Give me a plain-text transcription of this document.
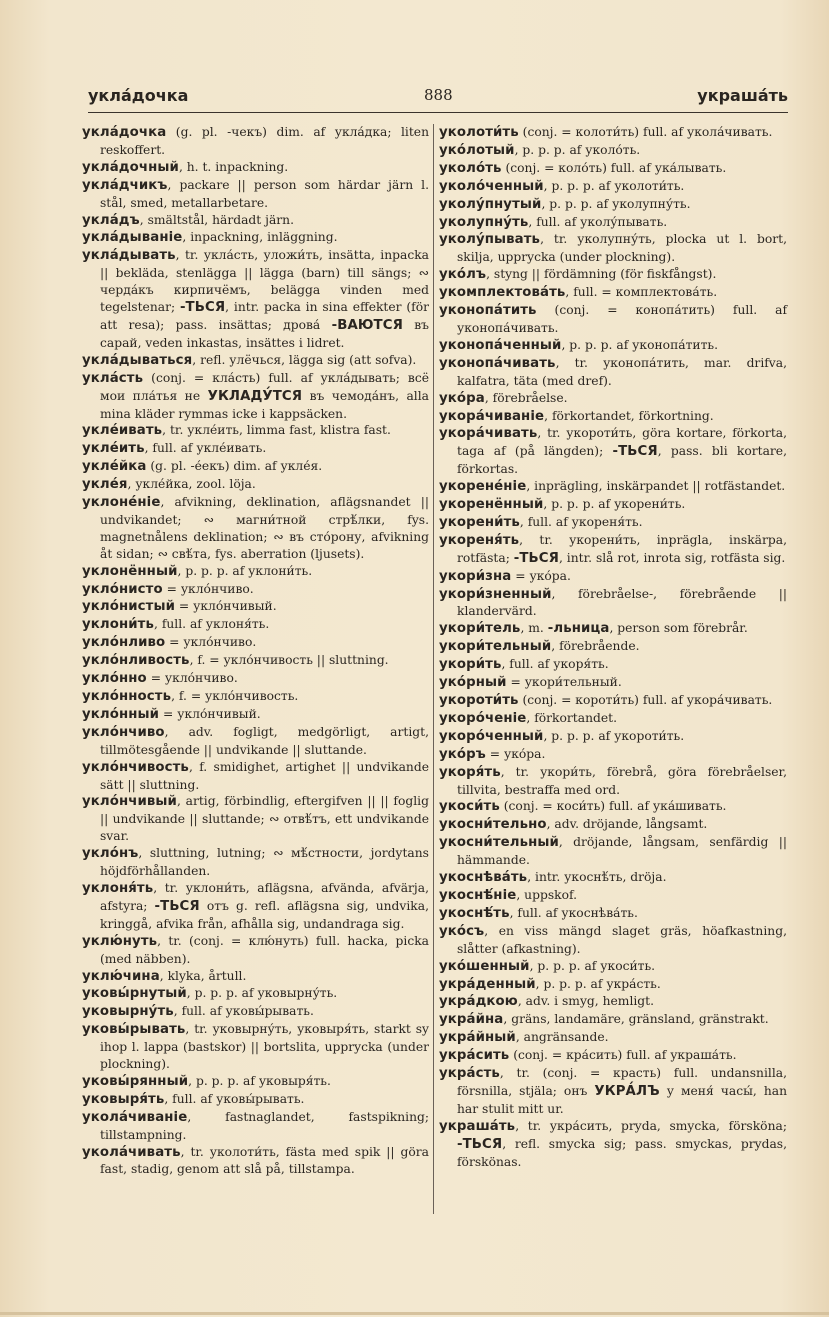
укла́дочка	888	украша́ть

укла́дочка (g. pl. -чекъ) dim. af укла́дка; liten reskoffert.

укла́дочный, h. t. inpackning.

укла́дчикъ, packare || person som härdar järn l. stål, smed, metallarbetare.

укла́дъ, smältstål, härdadt järn.

укла́дыванiе, inpackning, inläggning.

укла́дывать, tr. укла́сть, уложи́ть, insätta, inpacka || bekläda, stenlägga || lägga (barn) till sängs; ∾ черда́къ кирпичёмъ, belägga vinden med tegelstenar; -ТЬСЯ, intr. packa in sina effekter (för att resa); pass. insättas; дрова́ -ВАЮТСЯ въ сарай, veden inkastas, insättes i lidret.

укла́дываться, refl. улёчься, lägga sig (att sofva).

укла́сть (conj. = кла́сть) full. af укла́дывать; всё мои пла́тья не УКЛАДУ́ТСЯ въ чемода́нъ, alla mina kläder rymmas icke i kappsäcken.

укле́ивать, tr. укле́ить, limma fast, klistra fast.

укле́ить, full. af укле́ивать.

укле́йка (g. pl. -е́екъ) dim. af укле́я.

укле́я, укле́йка, zool. löja.

уклоне́нiе, afvikning, deklination, aflägsnandet || undvikandet; ∾ магни́тной стрѣ́лки, fys. magnetnålens deklination; ∾ въ сто́рону, afvikning åt sidan; ∾ свѣ́та, fys. aberration (ljusets).

уклонённый, p. p. p. af уклони́ть.

укло́нисто = укло́нчиво.

укло́нистый = укло́нчивый.

уклони́ть, full. af уклоня́ть.

укло́нливо = укло́нчиво.

укло́нливость, f. = укло́нчивость || sluttning.

укло́нно = укло́нчиво.

укло́нность, f. = укло́нчивость.

укло́нный = укло́нчивый.

укло́нчиво, adv. fogligt, medgörligt, artigt, tillmötesgående || undvikande || sluttande.

укло́нчивость, f. smidighet, artighet || undvikande sätt || sluttning.

укло́нчивый, artig, förbindlig, eftergifven || || foglig || undvikande || sluttande; ∾ отвѣ́тъ, ett undvikande svar.

укло́нъ, sluttning, lutning; ∾ мѣ́стности, jordytans höjdförhållanden.

уклоня́ть, tr. уклони́ть, aflägsna, afvända, afvärja, afstyra; -ТЬСЯ отъ g. refl. aflägsna sig, undvika, kringgå, afvika från, afhålla sig, undandraga sig.

уклю́нуть, tr. (conj. = клю́нуть) full. hacka, picka (med näbben).

уклю́чина, klyka, årtull.

уковы́рнутый, p. p. p. af уковырну́ть.

уковырну́ть, full. af уковы́рывать.

уковы́рывать, tr. уковырну́ть, уковыря́ть, starkt sy ihop l. lappa (bastskor) || bortslita, uppryсka (under plockning).

уковы́рянный, p. p. p. af уковыря́ть.

уковыря́ть, full. af уковы́рывать.

укола́чиванiе, fastnaglandet, fastspikning; tillstampning.

укола́чивать, tr. уколоти́ть, fästa med spik || göra fast, stadig, genom att slå på, tillstampa.

уколоти́ть (conj. = колоти́ть) full. af укола́чивать.

уко́лотый, p. p. p. af уколо́ть.

уколо́ть (conj. = коло́ть) full. af ука́лывать.

уколо́ченный, p. p. p. af уколоти́ть.

уколу́пнутый, p. p. p. af уколупну́ть.

уколупну́ть, full. af уколу́пывать.

уколу́пывать, tr. уколупну́ть, plocka ut l. bort, skilja, uppryсka (under plockning).

уко́лъ, styng || fördämning (för fiskfångst).

укомплектова́ть, full. = комплектова́ть.

уконопа́тить (conj. = конопа́тить) full. af уконопа́чивать.

уконопа́ченный, p. p. p. af уконопа́тить.

уконопа́чивать, tr. уконопа́тить, mar. drifva, kalfatra, täta (med dref).

уко́ра, förebråelse.

укора́чиванiе, förkortandet, förkortning.

укора́чивать, tr. укороти́ть, göra kortare, förkorta, taga af (på längden); -ТЬСЯ, pass. bli kortare, förkortas.

укорене́нiе, inprägling, inskärpandet || rotfästandet.

укоренённый, p. p. p. af укорени́ть.

укорени́ть, full. af укореня́ть.

укореня́ть, tr. укорени́ть, inprägla, inskärpa, rotfästa; -ТЬСЯ, intr. slå rot, inrota sig, rotfästa sig.

укори́зна = уко́ра.

укори́зненный, förebråelse-, förebrående || klandervärd.

укори́тель, m. -льница, person som förebrår.

укори́тельный, förebrående.

укори́ть, full. af укоря́ть.

уко́рный = укори́тельный.

укороти́ть (conj. = короти́ть) full. af укора́чивать.

укоро́ченiе, förkortandet.

укоро́ченный, p. p. p. af укороти́ть.

уко́ръ = уко́ра.

укоря́ть, tr. укори́ть, förebrå, göra förebråelser, tillvita, bestraffa med ord.

укоси́ть (conj. = коси́ть) full. af ука́шивать.

укосни́тельно, adv. dröjande, långsamt.

укосни́тельный, dröjande, långsam, senfärdig || hämmande.

укоснѣва́ть, intr. укоснѣ́ть, dröja.

укоснѣ́нiе, uppskof.

укоснѣ́ть, full. af укоснѣва́ть.

уко́съ, en viss mängd slaget gräs, höafkastning, slåtter (afkastning).

уко́шенный, p. p. p. af укоси́ть.

укра́денный, p. p. p. af укра́сть.

укра́дкою, adv. i smyg, hemligt.

укра́йна, gräns, landamäre, gränsland, gränstrakt.

укра́йный, angränsande.

укра́сить (conj. = кра́сить) full. af украша́ть.

укра́сть, tr. (conj. = красть) full. undansnilla, försnilla, stjäla; онъ УКРА́ЛЪ у меня́ часы́, han har stulit mitt ur.

украша́ть, tr. укра́сить, pryda, smycka, försköna; -ТЬСЯ, refl. smycka sig; pass. smyckas, prydas, förskönas.
